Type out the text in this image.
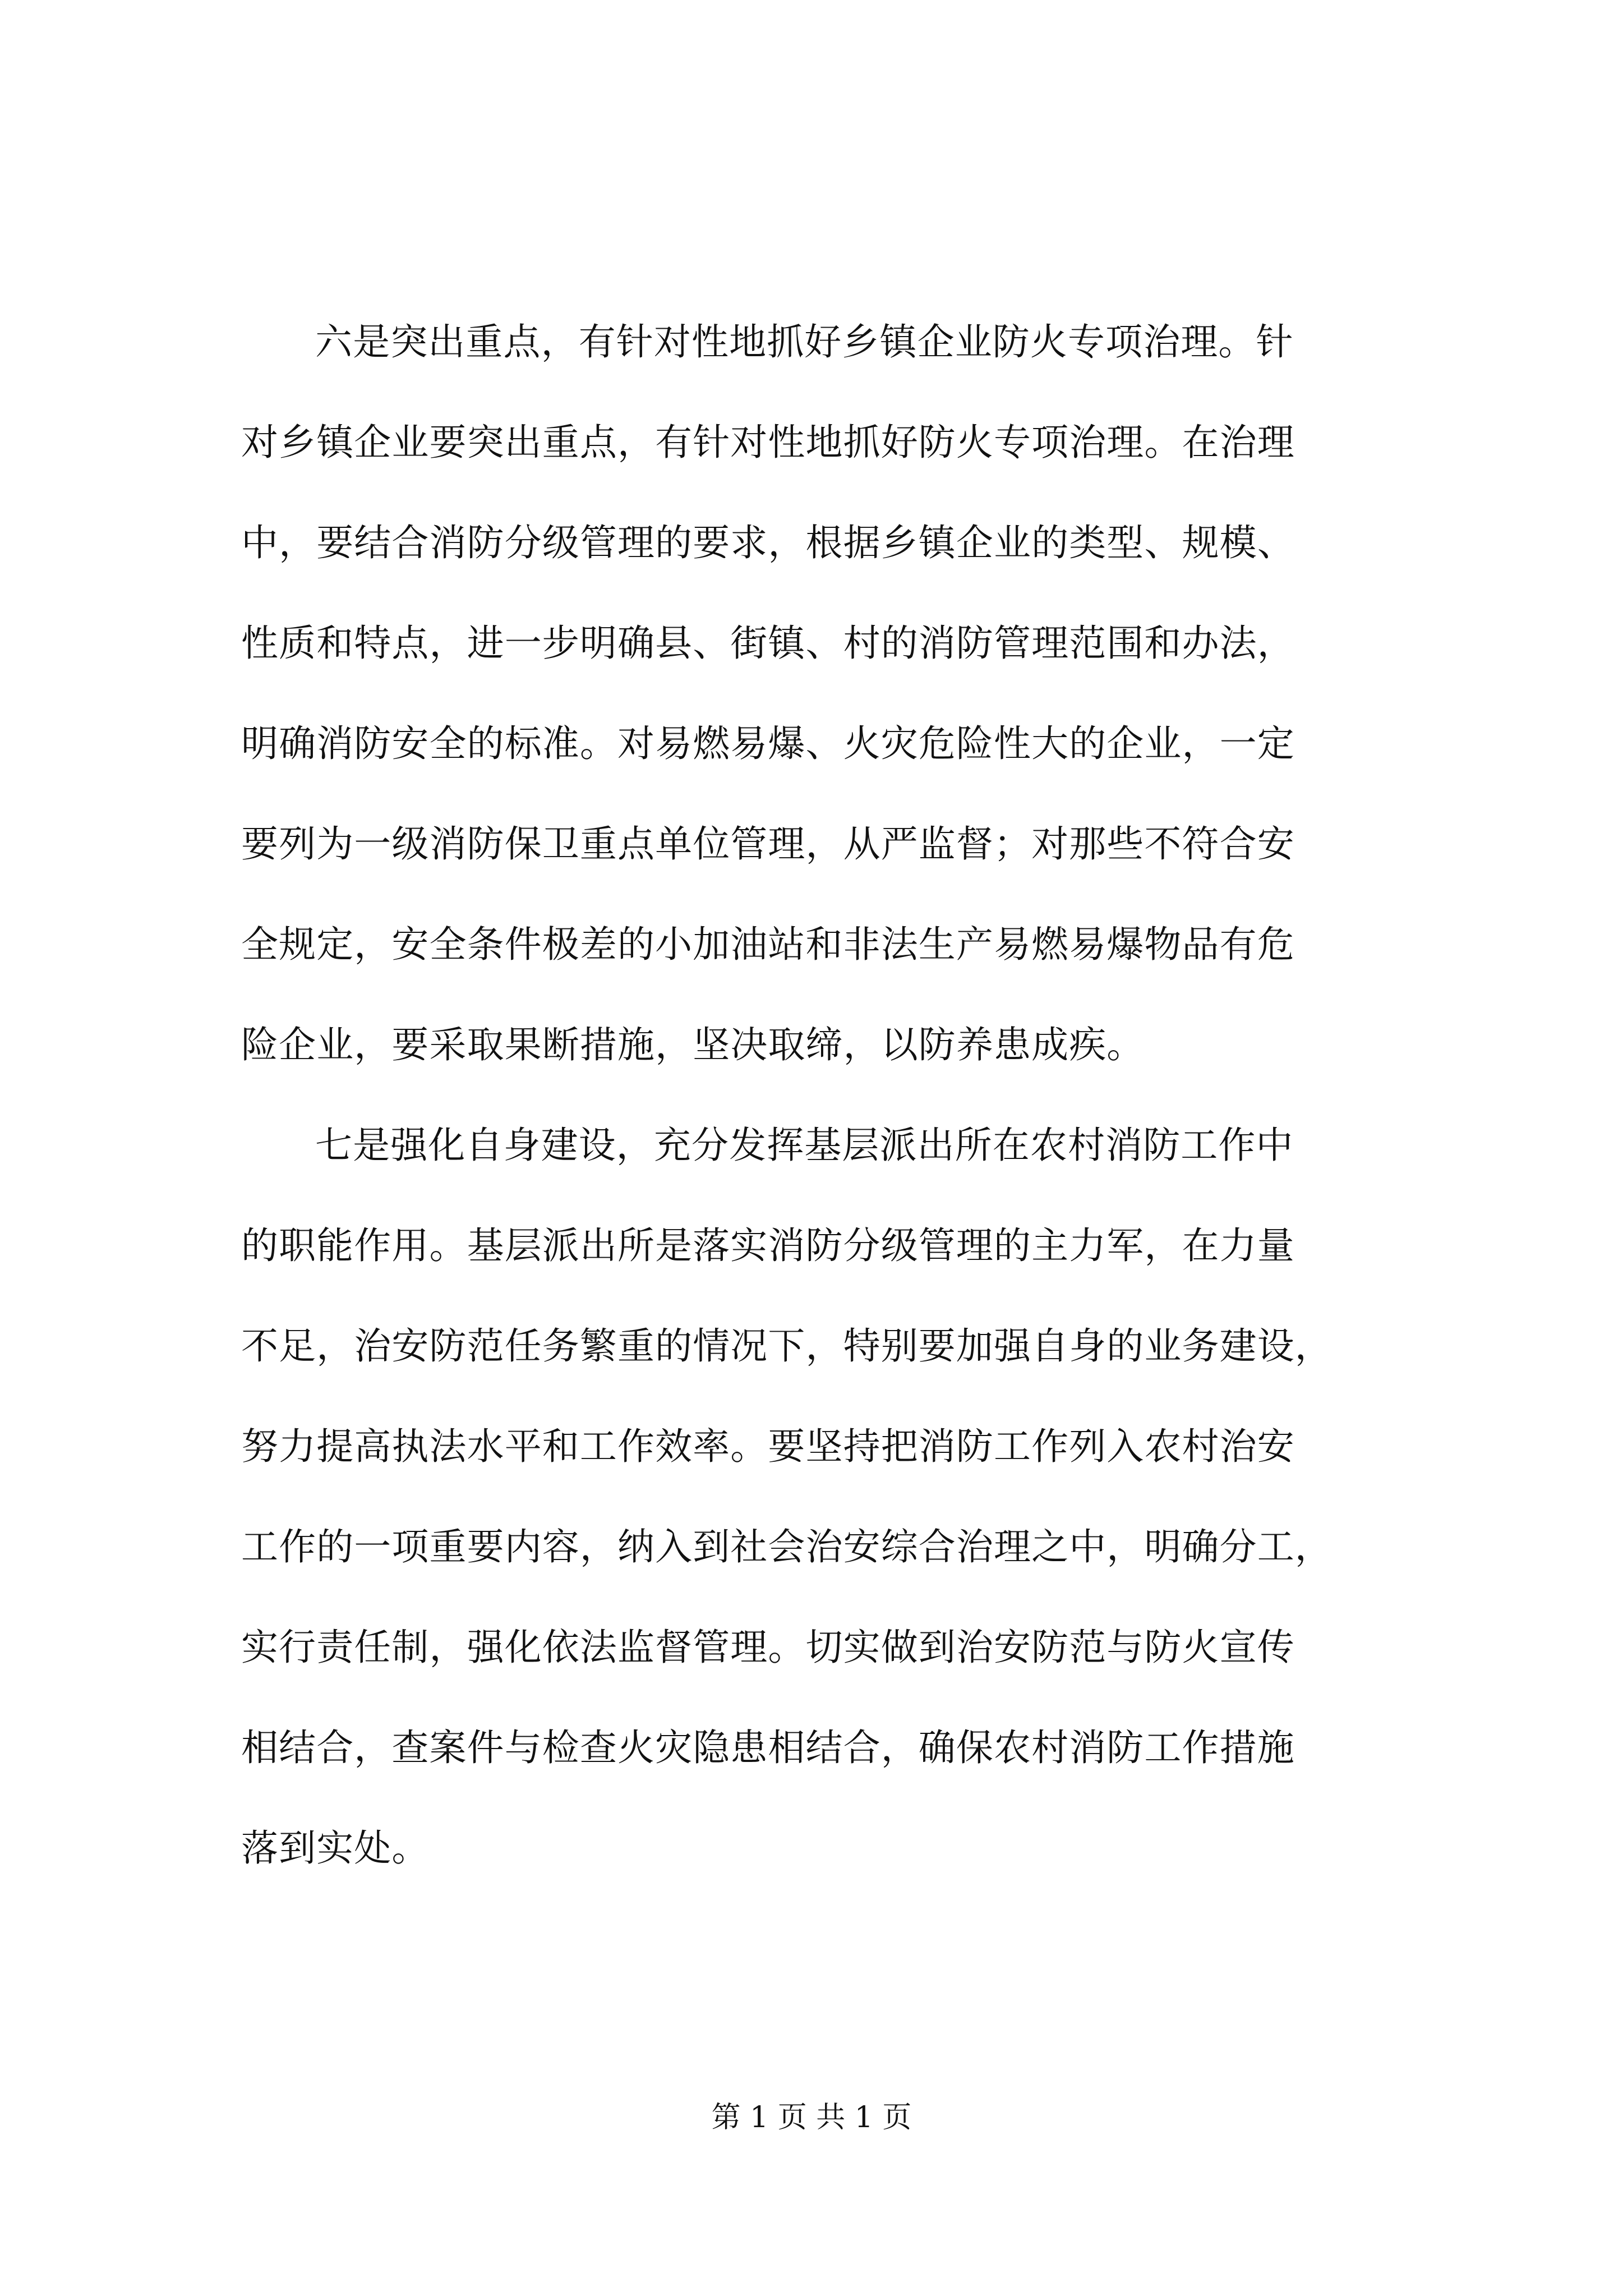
六是突出重点，有针对性地抓好乡镇企业防火专项治理。针
对乡镇企业要突出重点，有针对性地抓好防火专项治理。在治理
中，要结合消防分级管理的要求，根据乡镇企业的类型、规模、
性质和特点，进一步明确县、街镇、村的消防管理范围和办法，
明确消防安全的标准。对易燃易爆、火灾危险性大的企业，一定
要列为一级消防保卫重点单位管理，从严监督；对那些不符合安
全规定，安全条件极差的小加油站和非法生产易燃易爆物品有危
险企业，要采取果断措施，坚决取缔，以防养患成疾。
七是强化自身建设，充分发挥基层派出所在农村消防工作中
的职能作用。基层派出所是落实消防分级管理的主力军，在力量
不足，治安防范任务繁重的情况下，特别要加强自身的业务建设，
努力提高执法水平和工作效率。要坚持把消防工作列入农村治安
工作的一项重要内容，纳入到社会治安综合治理之中，明确分工，
实行责任制，强化依法监督管理。切实做到治安防范与防火宣传
相结合，查案件与检查火灾隐患相结合，确保农村消防工作措施
落到实处。
第 1 页 共 1 页
